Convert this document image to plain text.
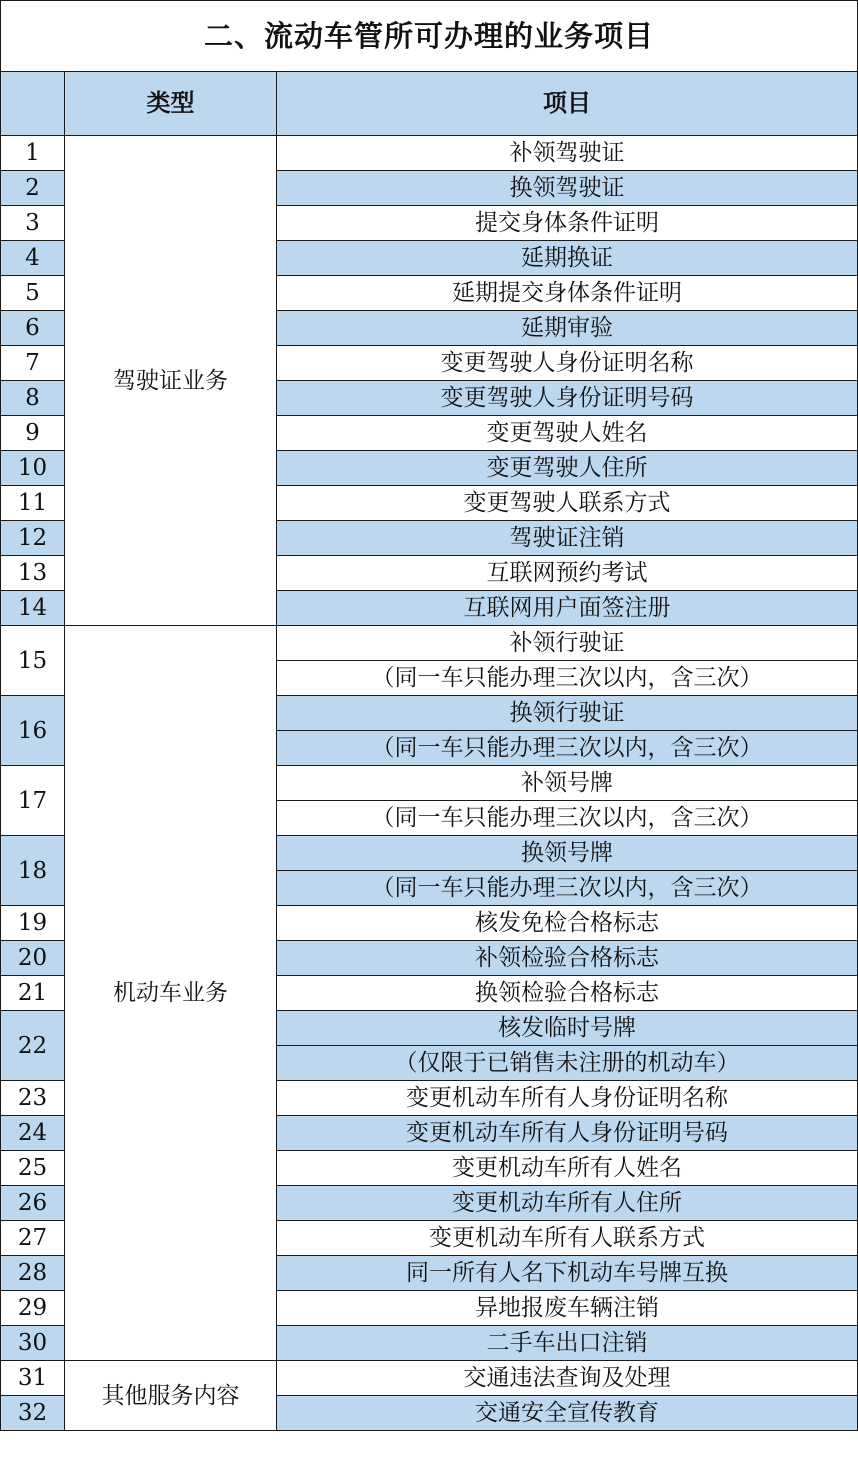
二、流动车管所可办理的业务项目		
	类型	项目
1	驾驶证业务	补领驾驶证
2		换领驾驶证
3		提交身体条件证明
4		延期换证
5		延期提交身体条件证明
6		延期审验
7		变更驾驶人身份证明名称
8		变更驾驶人身份证明号码
9		变更驾驶人姓名
10		变更驾驶人住所
11		变更驾驶人联系方式
12		驾驶证注销
13		互联网预约考试
14		互联网用户面签注册
15	机动车业务	补领行驶证
		（同一车只能办理三次以内，含三次）
16		换领行驶证
		（同一车只能办理三次以内，含三次）
17		补领号牌
		（同一车只能办理三次以内，含三次）
18		换领号牌
		（同一车只能办理三次以内，含三次）
19		核发免检合格标志
20		补领检验合格标志
21		换领检验合格标志
22		核发临时号牌
		（仅限于已销售未注册的机动车）
23		变更机动车所有人身份证明名称
24		变更机动车所有人身份证明号码
25		变更机动车所有人姓名
26		变更机动车所有人住所
27		变更机动车所有人联系方式
28		同一所有人名下机动车号牌互换
29		异地报废车辆注销
30		二手车出口注销
31	其他服务内容	交通违法查询及处理
32		交通安全宣传教育
